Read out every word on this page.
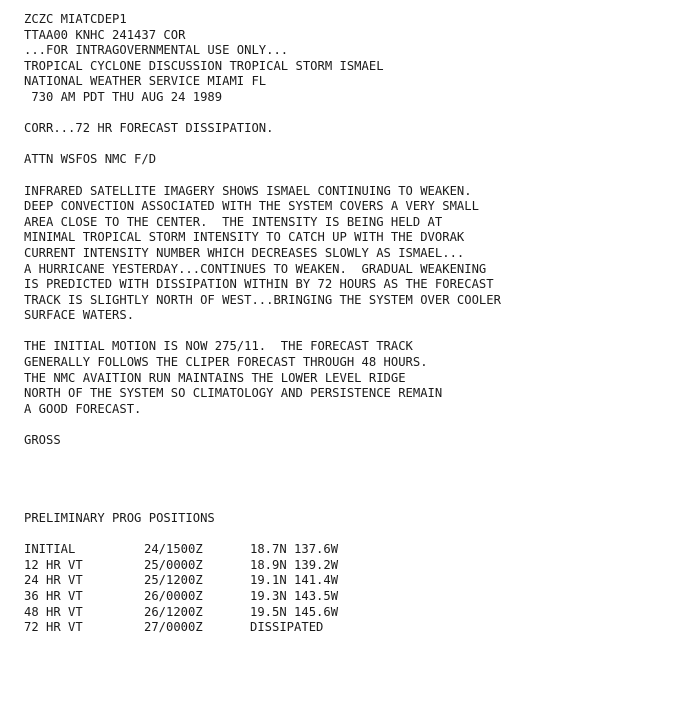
ZCZC MIATCDEP1
TTAA00 KNHC 241437 COR
...FOR INTRAGOVERNMENTAL USE ONLY...
TROPICAL CYCLONE DISCUSSION TROPICAL STORM ISMAEL
NATIONAL WEATHER SERVICE MIAMI FL
730 AM PDT THU AUG 24 1989
CORR...72 HR FORECAST DISSIPATION.
ATTN WSFOS NMC F/D
INFRARED SATELLITE IMAGERY SHOWS ISMAEL CONTINUING TO WEAKEN.
DEEP CONVECTION ASSOCIATED WITH THE SYSTEM COVERS A VERY SMALL
AREA CLOSE TO THE CENTER.  THE INTENSITY IS BEING HELD AT
MINIMAL TROPICAL STORM INTENSITY TO CATCH UP WITH THE DVORAK
CURRENT INTENSITY NUMBER WHICH DECREASES SLOWLY AS ISMAEL...
A HURRICANE YESTERDAY...CONTINUES TO WEAKEN.  GRADUAL WEAKENING
IS PREDICTED WITH DISSIPATION WITHIN BY 72 HOURS AS THE FORECAST
TRACK IS SLIGHTLY NORTH OF WEST...BRINGING THE SYSTEM OVER COOLER
SURFACE WATERS.
THE INITIAL MOTION IS NOW 275/11.  THE FORECAST TRACK
GENERALLY FOLLOWS THE CLIPER FORECAST THROUGH 48 HOURS.
THE NMC AVAITION RUN MAINTAINS THE LOWER LEVEL RIDGE
NORTH OF THE SYSTEM SO CLIMATOLOGY AND PERSISTENCE REMAIN
A GOOD FORECAST.
GROSS
PRELIMINARY PROG POSITIONS
INITIAL	24/1500Z	18.7N 137.6W
12 HR VT	25/0000Z	18.9N 139.2W
24 HR VT	25/1200Z	19.1N 141.4W
36 HR VT	26/0000Z	19.3N 143.5W
48 HR VT	26/1200Z	19.5N 145.6W
72 HR VT	27/0000Z	DISSIPATED
